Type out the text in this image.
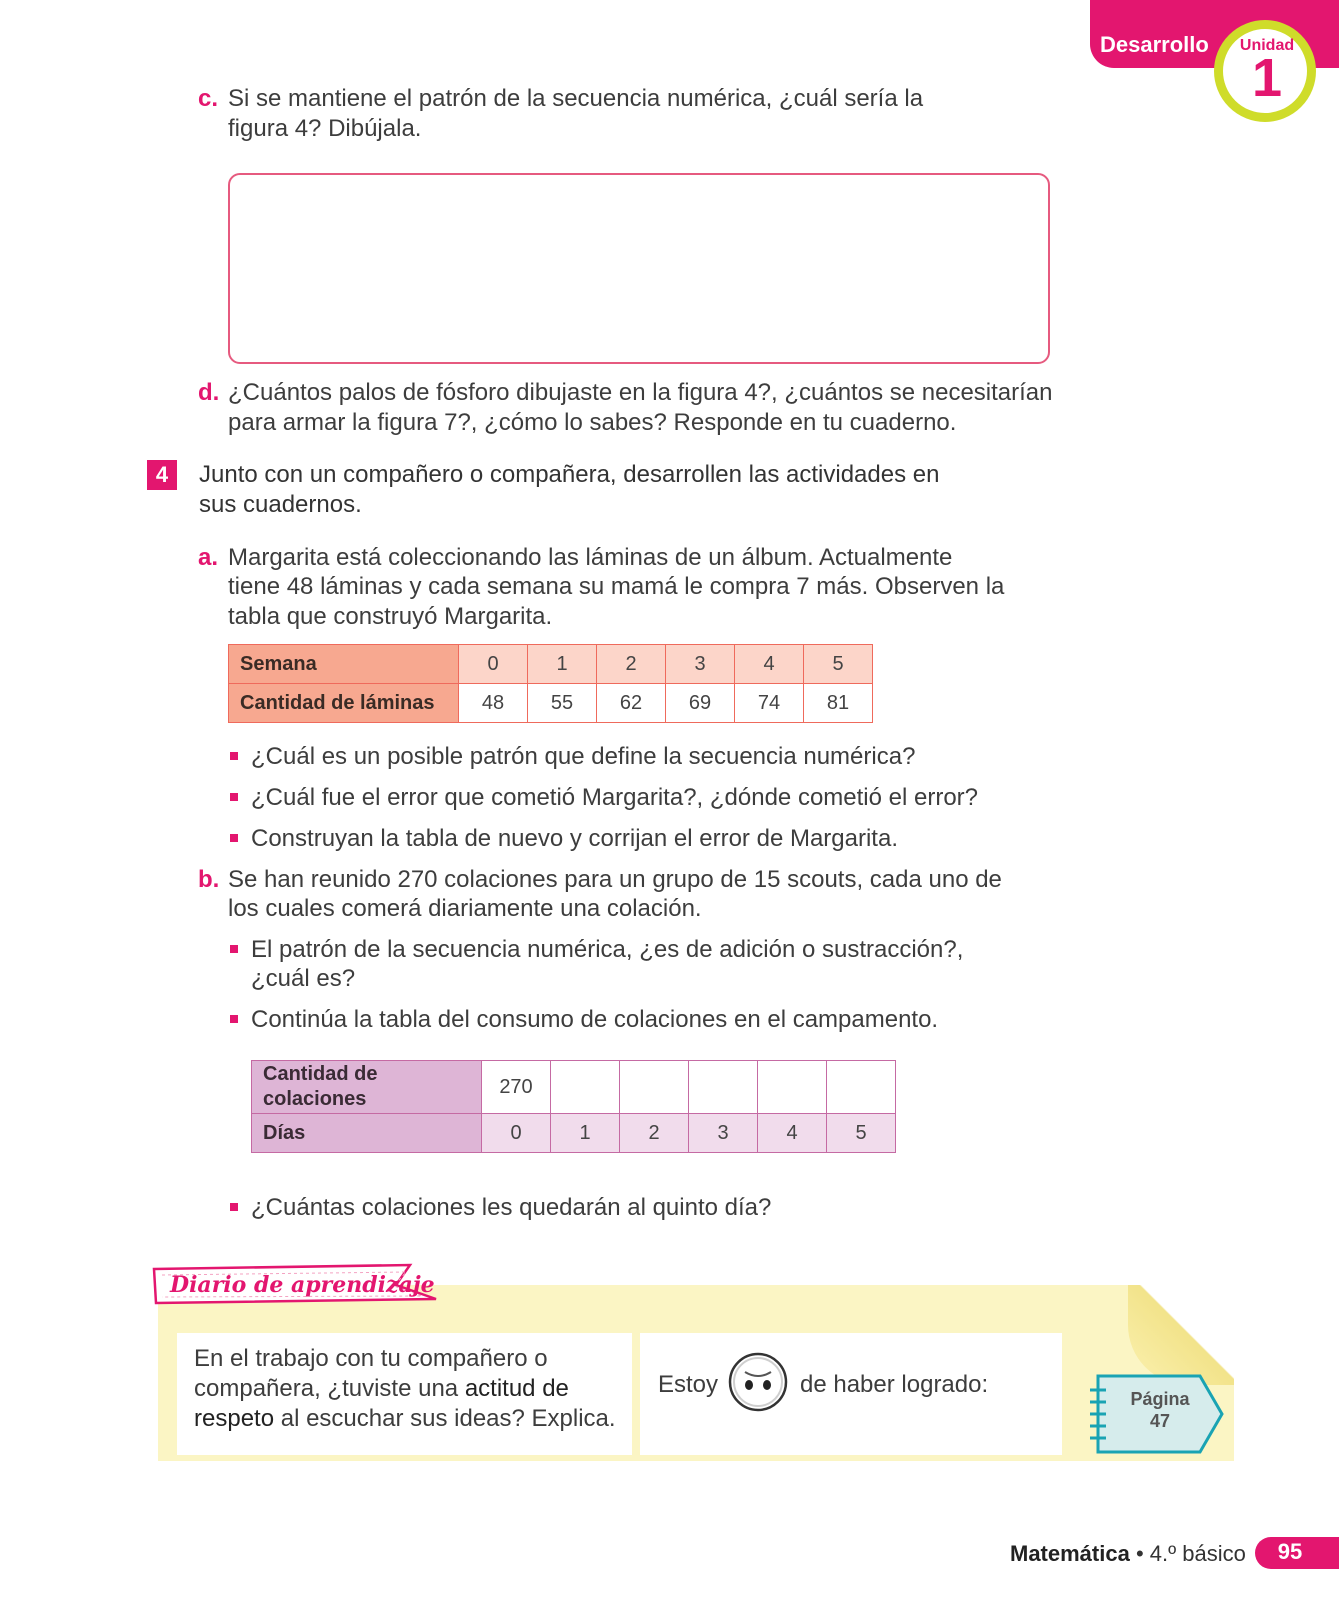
Desarrollo	Unidad
1
c. Si se mantiene el patrón de la secuencia numérica, ¿cuál sería la
figura 4? Dibújala.
d. ¿Cuántos palos de fósforo dibujaste en la figura 4?, ¿cuántos se necesitarían
para armar la figura 7?, ¿cómo lo sabes? Responde en tu cuaderno.
4	Junto con un compañero o compañera, desarrollen las actividades en
sus cuadernos.
a. Margarita está coleccionando las láminas de un álbum. Actualmente
tiene 48 láminas y cada semana su mamá le compra 7 más. Observen la
tabla que construyó Margarita.
Semana	0	1	2	3	4	5
Cantidad de láminas	48	55	62	69	74	81
¿Cuál es un posible patrón que define la secuencia numérica?
¿Cuál fue el error que cometió Margarita?, ¿dónde cometió el error?
Construyan la tabla de nuevo y corrijan el error de Margarita.
b. Se han reunido 270 colaciones para un grupo de 15 scouts, cada uno de
los cuales comerá diariamente una colación.
El patrón de la secuencia numérica, ¿es de adición o sustracción?,
¿cuál es?
Continúa la tabla del consumo de colaciones en el campamento.
Cantidad de
colaciones	270					
Días	0	1	2	3	4	5
¿Cuántas colaciones les quedarán al quinto día?
Diario de aprendizaje
En el trabajo con tu compañero o
compañera, ¿tuviste una actitud de
respeto al escuchar sus ideas? Explica.
Estoy	de haber logrado:
Página
47
Matemática • 4.º básico	95
